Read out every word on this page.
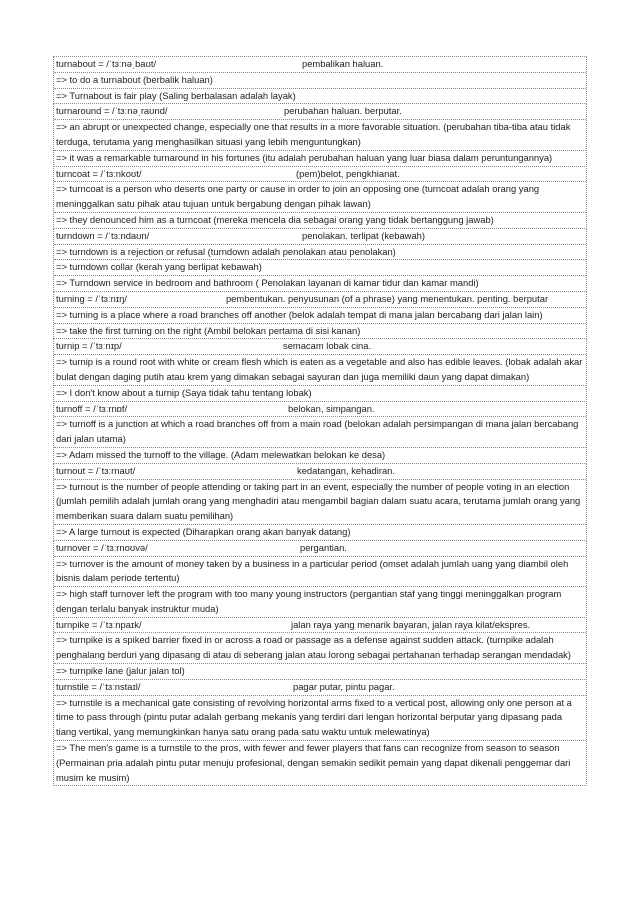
turnabout = /ˈtɜːnəˌbaʊt/	pembalikan haluan.
=> to do a turnabout (berbalik haluan)
=> Turnabout is fair play (Saling berbalasan adalah layak)
turnaround = /ˈtɜːnəˌraʊnd/	perubahan haluan. berputar.
=> an abrupt or unexpected change, especially one that results in a more favorable situation. (perubahan tiba-tiba atau tidak terduga, terutama yang menghasilkan situasi yang lebih menguntungkan)
=> it was a remarkable turnaround in his fortunes (itu adalah perubahan haluan yang luar biasa dalam peruntungannya)
turncoat = /ˈtɜːnkoʊt/	(pem)belot, pengkhianat.
=> turncoat is a person who deserts one party or cause in order to join an opposing one (turncoat adalah orang yang meninggalkan satu pihak atau tujuan untuk bergabung dengan pihak lawan)
=> they denounced him as a turncoat (mereka mencela dia sebagai orang yang tidak bertanggung jawab)
turndown = /ˈtɜːndaʊn/	penolakan. terlipat (kebawah)
=> turndown is a rejection or refusal (turndown adalah penolakan atau penolakan)
=> turndown collar (kerah yang berlipat kebawah)
=> Turndown service in bedroom and bathroom ( Penolakan layanan di kamar tidur dan kamar mandi)
turning = /ˈtɜːnɪŋ/	pembentukan. penyusunan (of a phrase) yang menentukan. penting. berputar
=> turning is a place where a road branches off another (belok adalah tempat di mana jalan bercabang dari jalan lain)
=> take the first turning on the right (Ambil belokan pertama di sisi kanan)
turnip = /ˈtɜːnɪp/	semacam lobak cina.
=> turnip is a round root with white or cream flesh which is eaten as a vegetable and also has edible leaves. (lobak adalah akar bulat dengan daging putih atau krem yang dimakan sebagai sayuran dan juga memiliki daun yang dapat dimakan)
=> I don't know about a turnip (Saya tidak tahu tentang lobak)
turnoff = /ˈtɜːrnɒf/	belokan, simpangan.
=> turnoff is a junction at which a road branches off from a main road (belokan adalah persimpangan di mana jalan bercabang dari jalan utama)
=> Adam missed the turnoff to the village. (Adam melewatkan belokan ke desa)
turnout = /ˈtɜːrnaʊt/	kedatangan, kehadiran.
=> turnout is the number of people attending or taking part in an event, especially the number of people voting in an election (jumlah pemilih adalah jumlah orang yang menghadiri atau mengambil bagian dalam suatu acara, terutama jumlah orang yang memberikan suara dalam suatu pemilihan)
=> A large turnout is expected (Diharapkan orang akan banyak datang)
turnover = /ˈtɜːrnoʊvə/	pergantian.
=> turnover is the amount of money taken by a business in a particular period (omset adalah jumlah uang yang diambil oleh bisnis dalam periode tertentu)
=> high staff turnover left the program with too many young instructors (pergantian staf yang tinggi meninggalkan program dengan terlalu banyak instruktur muda)
turnpike = /ˈtɜːnpaɪk/	jalan raya yang menarik bayaran, jalan raya kilat/ekspres.
=> turnpike is a spiked barrier fixed in or across a road or passage as a defense against sudden attack. (turnpike adalah penghalang berduri yang dipasang di atau di seberang jalan atau lorong sebagai pertahanan terhadap serangan mendadak)
=> turnpike lane (jalur jalan tol)
turnstile = /ˈtɜːnstaɪl/	pagar putar, pintu pagar.
=> turnstile is a mechanical gate consisting of revolving horizontal arms fixed to a vertical post, allowing only one person at a time to pass through (pintu putar adalah gerbang mekanis yang terdiri dari lengan horizontal berputar yang dipasang pada tiang vertikal, yang memungkinkan hanya satu orang pada satu waktu untuk melewatinya)
=> The men's game is a turnstile to the pros, with fewer and fewer players that fans can recognize from season to season (Permainan pria adalah pintu putar menuju profesional, dengan semakin sedikit pemain yang dapat dikenali penggemar dari musim ke musim)
